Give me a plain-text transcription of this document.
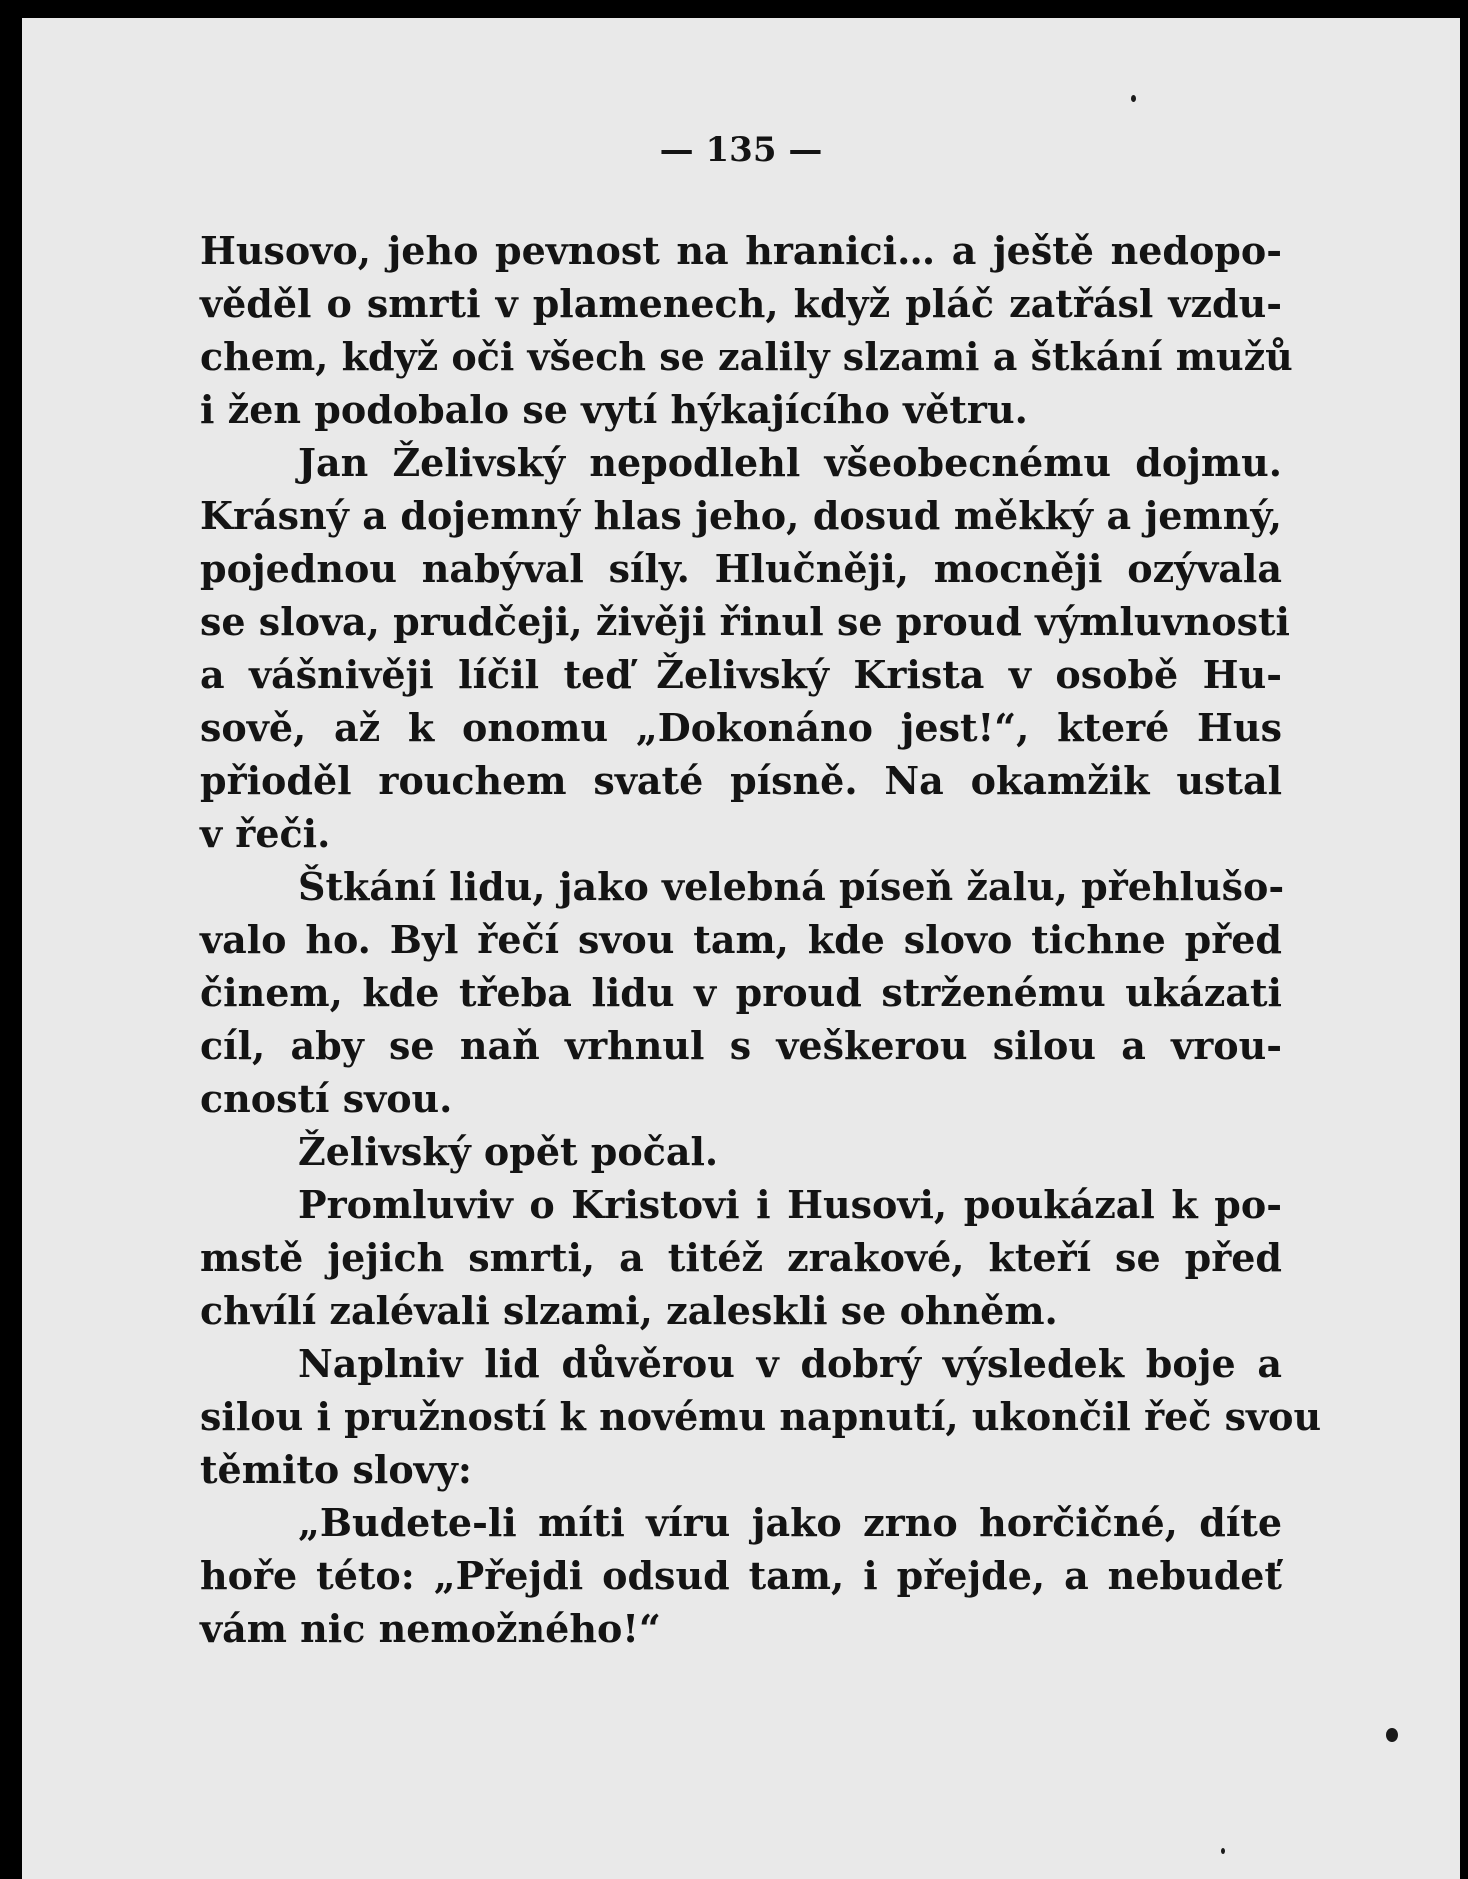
— 135 —
Husovo, jeho pevnost na hranici… a ještě nedopo-
věděl o smrti v plamenech, když pláč zatřásl vzdu-
chem, když oči všech se zalily slzami a štkání mužů
i žen podobalo se vytí hýkajícího větru.
Jan Želivský nepodlehl všeobecnému dojmu.
Krásný a dojemný hlas jeho, dosud měkký a jemný,
pojednou nabýval síly. Hlučněji, mocněji ozývala
se slova, prudčeji, živěji řinul se proud výmluvnosti
a vášnivěji líčil teď Želivský Krista v osobě Hu-
sově, až k onomu „Dokonáno jest!“, které Hus
přioděl rouchem svaté písně. Na okamžik ustal
v řeči.
Štkání lidu, jako velebná píseň žalu, přehlušo-
valo ho. Byl řečí svou tam, kde slovo tichne před
činem, kde třeba lidu v proud strženému ukázati
cíl, aby se naň vrhnul s veškerou silou a vrou-
cností svou.
Želivský opět počal.
Promluviv o Kristovi i Husovi, poukázal k po-
mstě jejich smrti, a titéž zrakové, kteří se před
chvílí zalévali slzami, zaleskli se ohněm.
Naplniv lid důvěrou v dobrý výsledek boje a
silou i pružností k novému napnutí, ukončil řeč svou
těmito slovy:
„Budete-li míti víru jako zrno horčičné, díte
hoře této: „Přejdi odsud tam, i přejde, a nebudeť
vám nic nemožného!“
